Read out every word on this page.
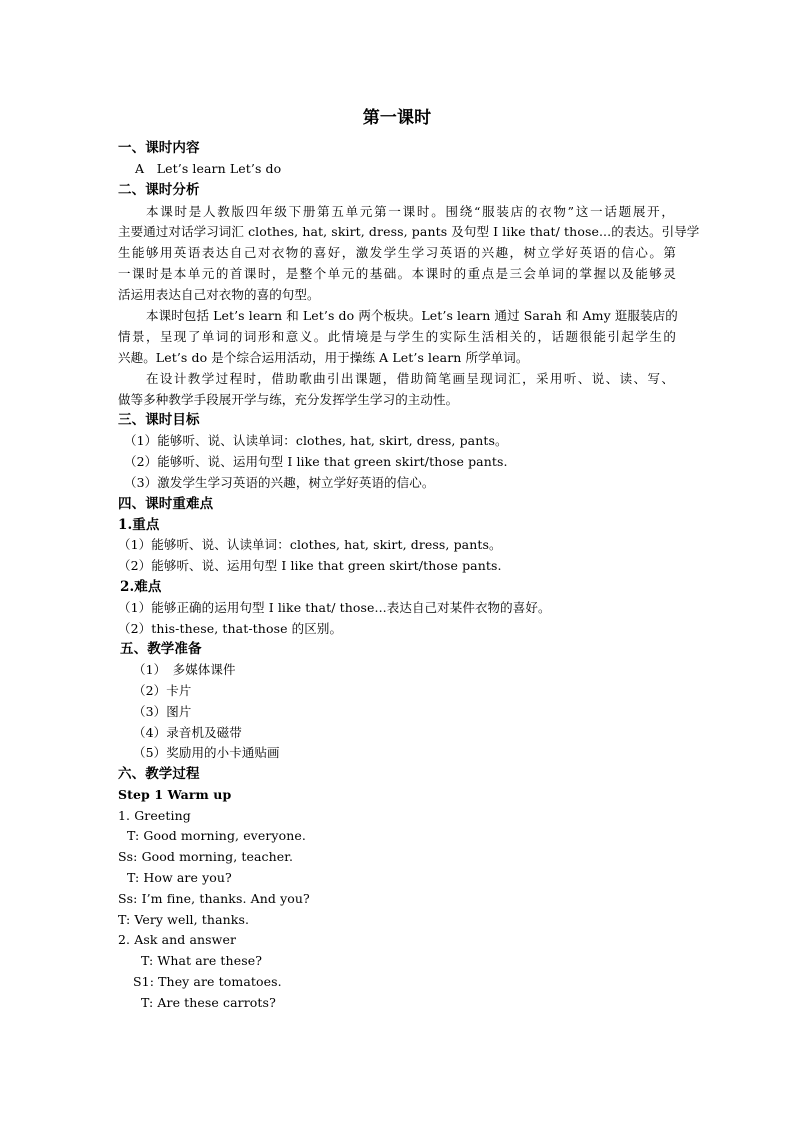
第一课时
一、课时内容
A　Let’s learn Let’s do
二、课时分析
本课时是人教版四年级下册第五单元第一课时。围绕“服装店的衣物”这一话题展开，
主要通过对话学习词汇 clothes, hat, skirt, dress, pants 及句型 I like that/ those...的表达。引导学
生能够用英语表达自己对衣物的喜好，激发学生学习英语的兴趣，树立学好英语的信心。第
一课时是本单元的首课时，是整个单元的基础。本课时的重点是三会单词的掌握以及能够灵
活运用表达自己对衣物的喜的句型。
本课时包括 Let’s learn 和 Let’s do 两个板块。Let’s learn 通过 Sarah 和 Amy 逛服装店的
情景，呈现了单词的词形和意义。此情境是与学生的实际生活相关的，话题很能引起学生的
兴趣。Let’s do 是个综合运用活动，用于操练 A Let’s learn 所学单词。
在设计教学过程时，借助歌曲引出课题，借助简笔画呈现词汇，采用听、说、读、写、
做等多种教学手段展开学与练，充分发挥学生学习的主动性。
三、课时目标
（1）能够听、说、认读单词：clothes, hat, skirt, dress, pants。
（2）能够听、说、运用句型 I like that green skirt/those pants.
（3）激发学生学习英语的兴趣，树立学好英语的信心。
四、课时重难点
1.重点
（1）能够听、说、认读单词：clothes, hat, skirt, dress, pants。
（2）能够听、说、运用句型 I like that green skirt/those pants.
2.难点
（1）能够正确的运用句型 I like that/ those...表达自己对某件衣物的喜好。
（2）this-these, that-those 的区别。
五、教学准备
（1）　多媒体课件
（2）卡片
（3）图片
（4）录音机及磁带
（5）奖励用的小卡通贴画
六、教学过程
Step 1 Warm up
1. Greeting
T: Good morning, everyone.
Ss: Good morning, teacher.
T: How are you?
Ss: I’m fine, thanks. And you?
T: Very well, thanks.
2. Ask and answer
T: What are these?
S1: They are tomatoes.
T: Are these carrots?
